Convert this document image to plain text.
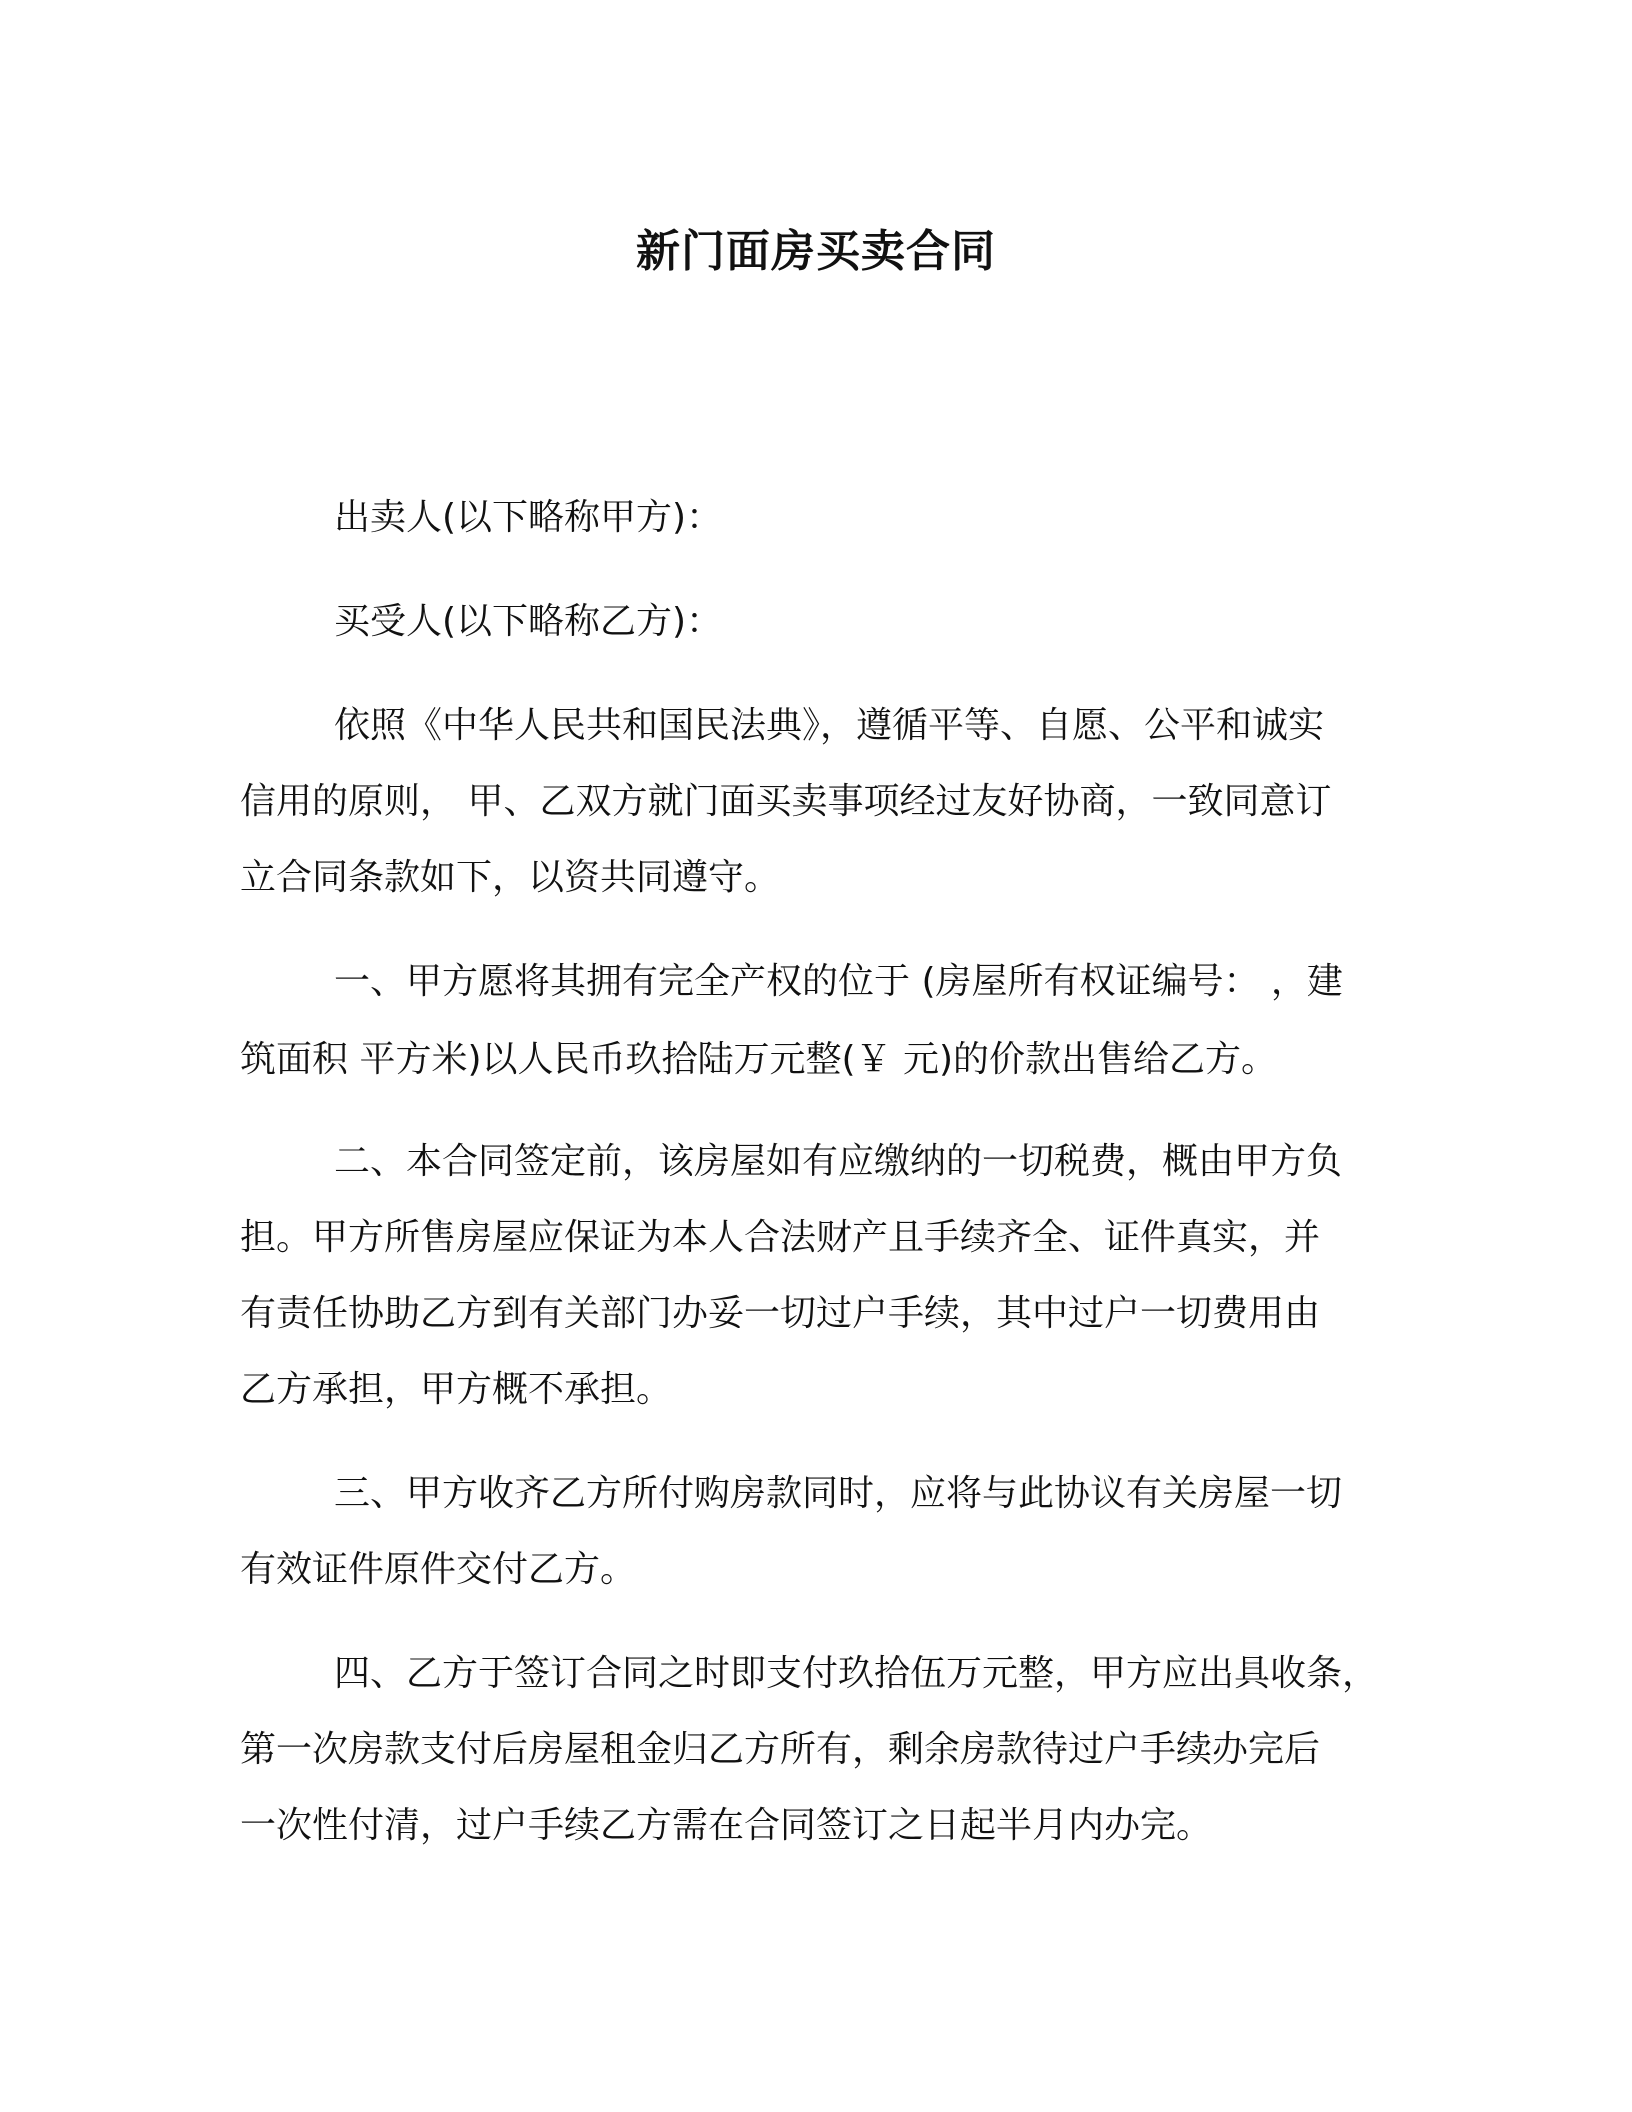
新门面房买卖合同

出卖人(以下略称甲方)：

买受人(以下略称乙方)：

依照《中华人民共和国民法典》，遵循平等、自愿、公平和诚实

信用的原则， 甲、乙双方就门面买卖事项经过友好协商，一致同意订

立合同条款如下，以资共同遵守。

一、甲方愿将其拥有完全产权的位于 (房屋所有权证编号： ，建

筑面积 平方米)以人民币玖拾陆万元整(￥ 元)的价款出售给乙方。

二、本合同签定前，该房屋如有应缴纳的一切税费，概由甲方负

担。甲方所售房屋应保证为本人合法财产且手续齐全、证件真实，并

有责任协助乙方到有关部门办妥一切过户手续，其中过户一切费用由

乙方承担，甲方概不承担。

三、甲方收齐乙方所付购房款同时，应将与此协议有关房屋一切

有效证件原件交付乙方。

四、乙方于签订合同之时即支付玖拾伍万元整，甲方应出具收条，

第一次房款支付后房屋租金归乙方所有，剩余房款待过户手续办完后

一次性付清，过户手续乙方需在合同签订之日起半月内办完。
